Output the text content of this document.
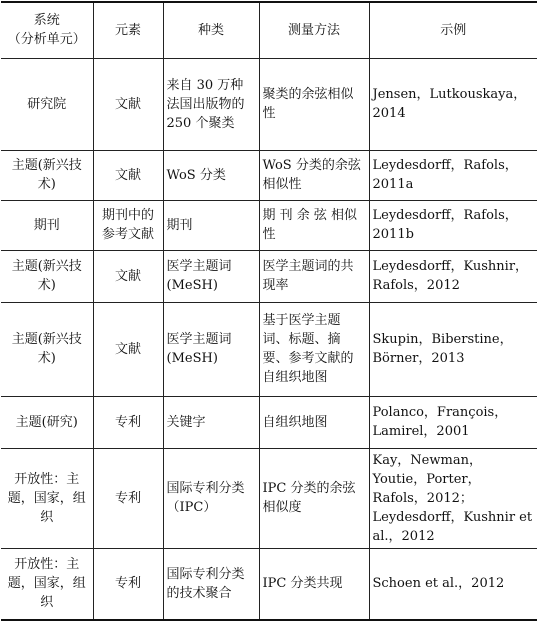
系统
（分析单元）	元素	种类	测量方法	示例
研究院	文献	来自 30 万种法国出版物的 250 个聚类	聚类的余弦相似性	Jensen，Lutkouskaya，2014
主题(新兴技术)	文献	WoS 分类	WoS 分类的余弦相似性	Leydesdorff，Rafols，2011a
期刊	期刊中的参考文献	期刊	期 刊 余 弦 相似性	Leydesdorff，Rafols，2011b
主题(新兴技术)	文献	医学主题词(MeSH)	医学主题词的共现率	Leydesdorff，Kushnir，Rafols，2012
主题(新兴技术)	文献	医学主题词(MeSH)	基于医学主题词、标题、摘要、参考文献的自组织地图	Skupin，Biberstine，Börner，2013
主题(研究)	专利	关键字	自组织地图	Polanco，François，Lamirel，2001
开放性：主题，国家，组织	专利	国际专利分类（IPC）	IPC 分类的余弦相似度	Kay，Newman，Youtie，Porter，Rafols，2012；Leydesdorff，Kushnir et al.，2012
开放性：主题，国家，组织	专利	国际专利分类的技术聚合	IPC 分类共现	Schoen et al.，2012
